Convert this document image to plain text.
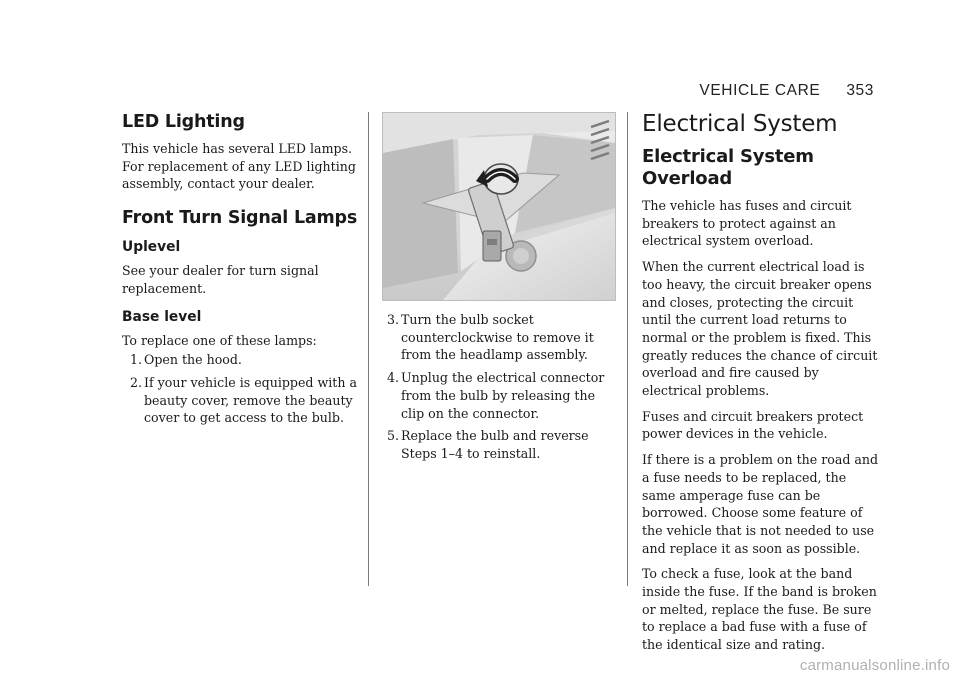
VEHICLE CARE 353
LED Lighting

This vehicle has several LED lamps. For replacement of any LED lighting assembly, contact your dealer.

Front Turn Signal Lamps
Uplevel

See your dealer for turn signal replacement.

Base level

To replace one of these lamps:

1. Open the hood.
2. If your vehicle is equipped with a beauty cover, remove the beauty cover to get access to the bulb.
3. Turn the bulb socket counterclockwise to remove it from the headlamp assembly.
4. Unplug the electrical connector from the bulb by releasing the clip on the connector.
5. Replace the bulb and reverse Steps 1–4 to reinstall.
Electrical System
Electrical System Overload

The vehicle has fuses and circuit breakers to protect against an electrical system overload.

When the current electrical load is too heavy, the circuit breaker opens and closes, protecting the circuit until the current load returns to normal or the problem is fixed. This greatly reduces the chance of circuit overload and fire caused by electrical problems.

Fuses and circuit breakers protect power devices in the vehicle.

If there is a problem on the road and a fuse needs to be replaced, the same amperage fuse can be borrowed. Choose some feature of the vehicle that is not needed to use and replace it as soon as possible.

To check a fuse, look at the band inside the fuse. If the band is broken or melted, replace the fuse. Be sure to replace a bad fuse with a fuse of the identical size and rating.

carmanualsonline.info
